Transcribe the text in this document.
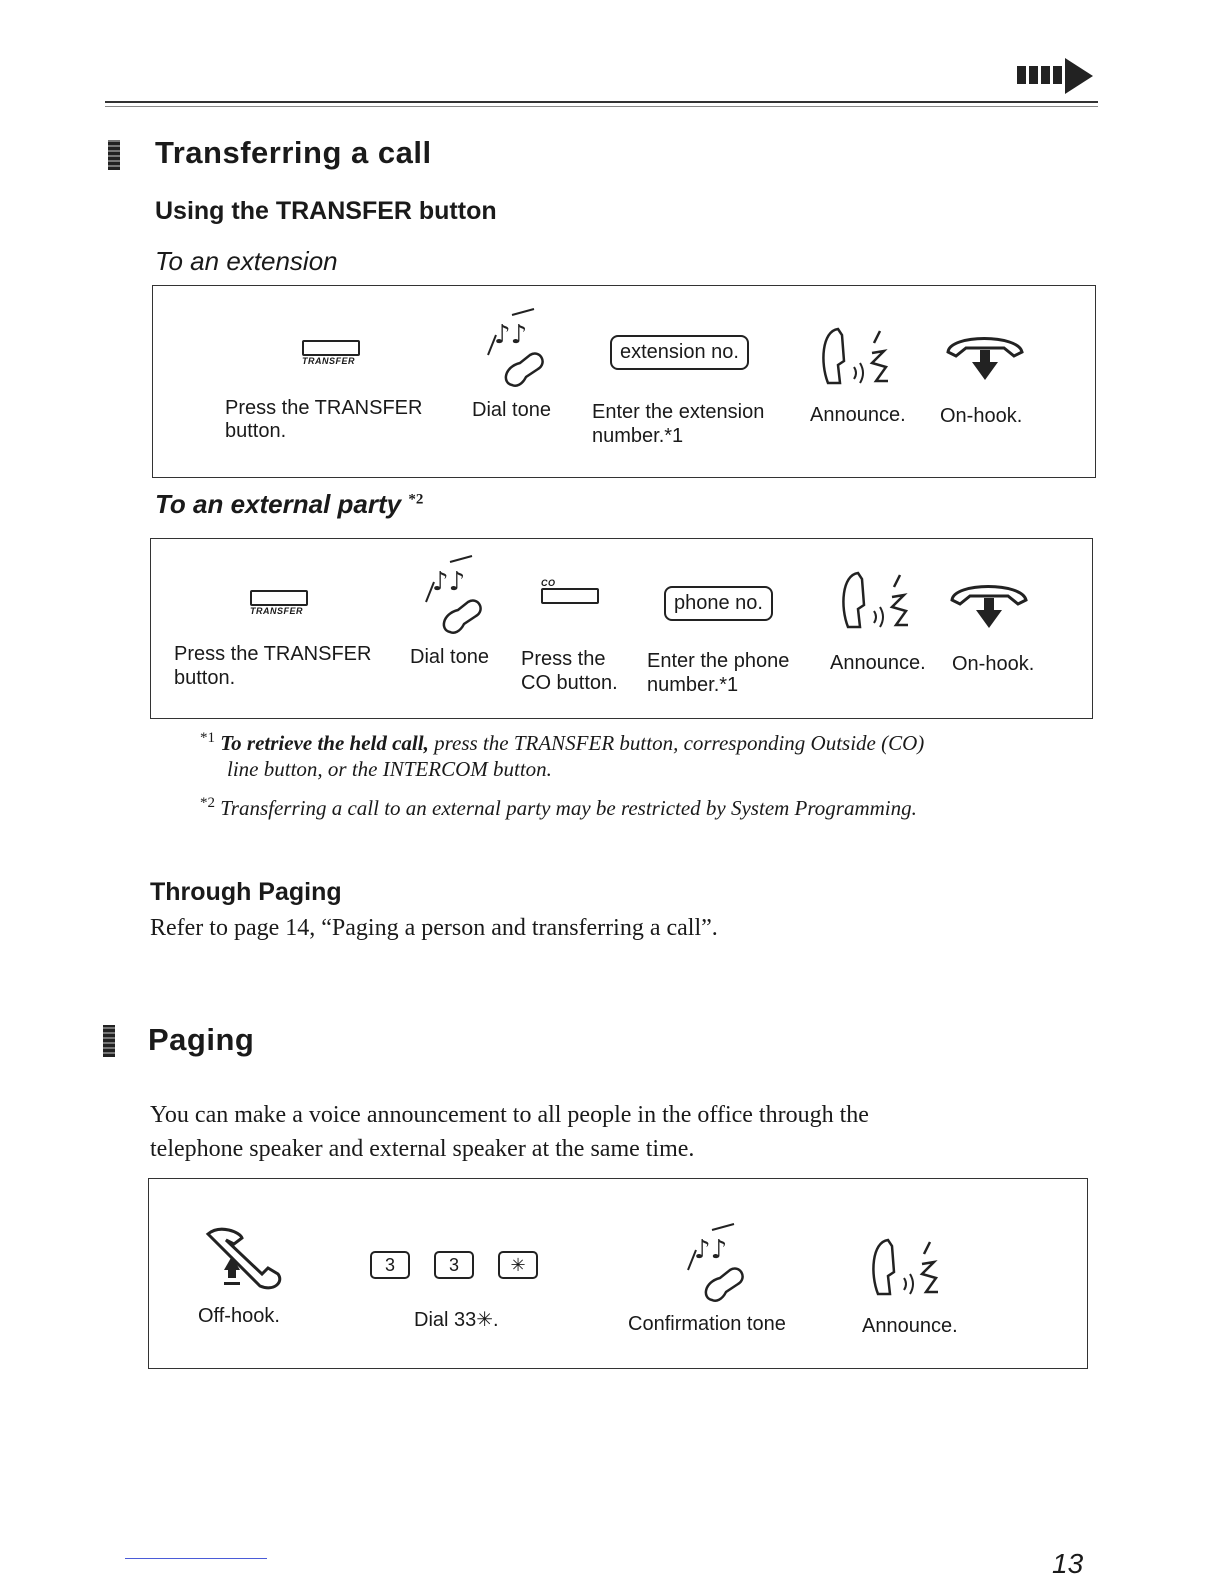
Transferring a call
Using the TRANSFER button
To an extension
TRANSFER
♪♪
extension no.
Press the TRANSFER
button.
Dial tone Enter the extension
number.*1
Announce. On-hook.
To an external party $^{*2}$
TRANSFER
♪♪	CO
phone no.
Press the TRANSFER
button.
Dial tone Press the
CO button.
Enter the phone
number.*1
Announce. On-hook.
$^{*1}$ To retrieve the held call, press the TRANSFER button, corresponding Outside (CO)
line button, or the INTERCOM button.
$^{*2}$ Transferring a call to an external party may be restricted by System Programming.
Through Paging
Refer to page 14, “Paging a person and transferring a call”.
Paging
You can make a voice announcement to all people in the office through the
telephone speaker and external speaker at the same time.
3	3	✳	♪♪
Off-hook.	Dial 33✳.	Confirmation tone	Announce.
13
